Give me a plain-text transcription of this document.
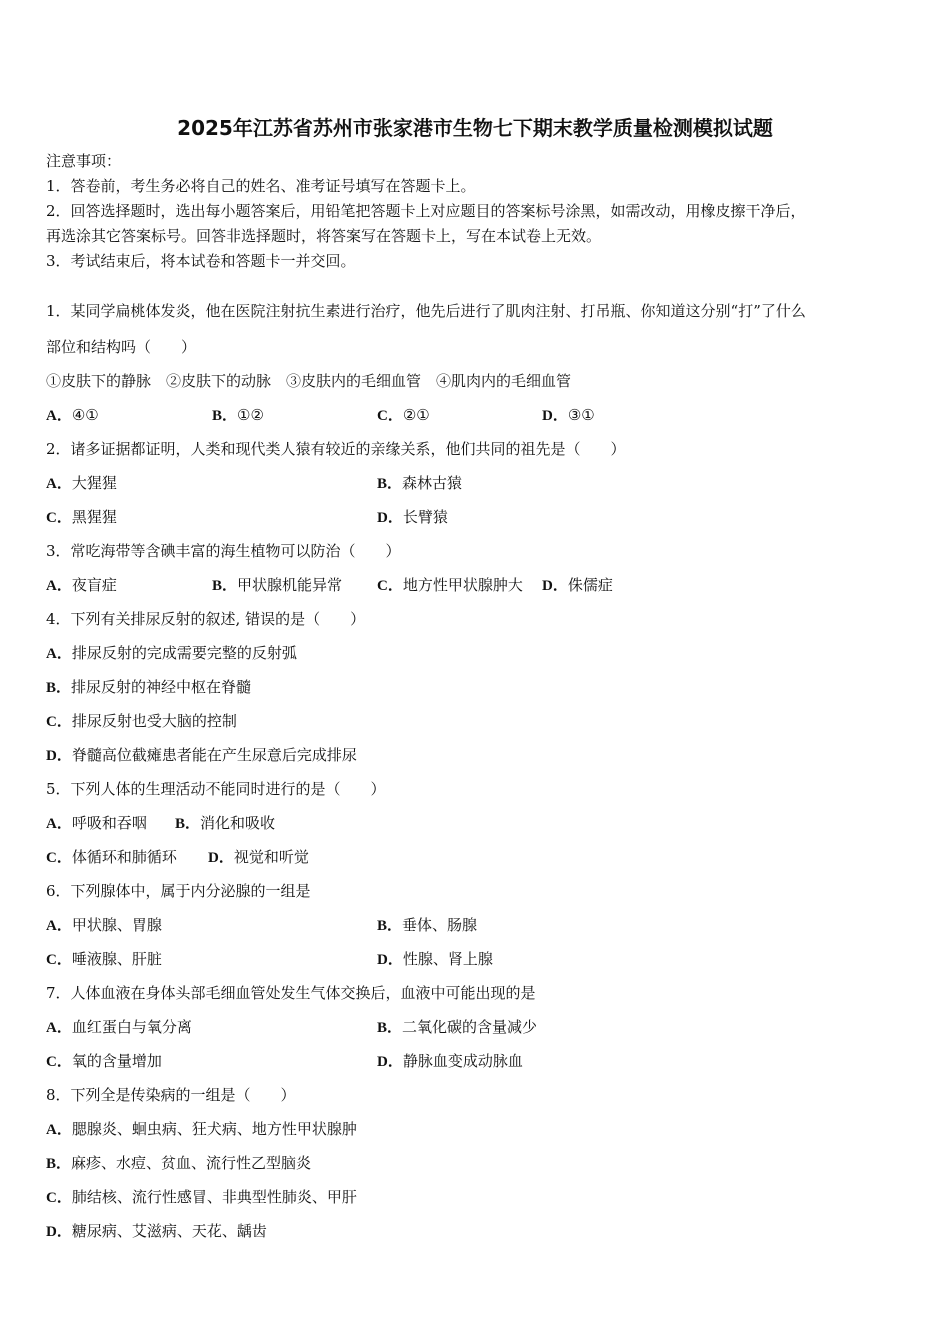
2025年江苏省苏州市张家港市生物七下期末教学质量检测模拟试题
注意事项：
1．答卷前，考生务必将自己的姓名、准考证号填写在答题卡上。
2．回答选择题时，选出每小题答案后，用铅笔把答题卡上对应题目的答案标号涂黑，如需改动，用橡皮擦干净后，
再选涂其它答案标号。回答非选择题时，将答案写在答题卡上，写在本试卷上无效。
3．考试结束后，将本试卷和答题卡一并交回。
1．某同学扁桃体发炎，他在医院注射抗生素进行治疗，他先后进行了肌肉注射、打吊瓶、你知道这分别“打”了什么
部位和结构吗（　　）
①皮肤下的静脉　②皮肤下的动脉　③皮肤内的毛细血管　④肌肉内的毛细血管
A．④①	B．①②	C．②①	D．③①
2．诸多证据都证明，人类和现代类人猿有较近的亲缘关系，他们共同的祖先是（　　）
A．大猩猩	B．森林古猿
C．黑猩猩	D．长臂猿
3．常吃海带等含碘丰富的海生植物可以防治（　　）
A．夜盲症	B．甲状腺机能异常 C．地方性甲状腺肿大 D．侏儒症
4．下列有关排尿反射的叙述, 错误的是（　　）
A．排尿反射的完成需要完整的反射弧
B．排尿反射的神经中枢在脊髓
C．排尿反射也受大脑的控制
D．脊髓高位截瘫患者能在产生尿意后完成排尿
5．下列人体的生理活动不能同时进行的是（　　）
A．呼吸和吞咽 B．消化和吸收
C．体循环和肺循环 D．视觉和听觉
6．下列腺体中，属于内分泌腺的一组是
A．甲状腺、胃腺	B．垂体、肠腺
C．唾液腺、肝脏	D．性腺、肾上腺
7．人体血液在身体头部毛细血管处发生气体交换后，血液中可能出现的是
A．血红蛋白与氧分离	B．二氧化碳的含量减少
C．氧的含量增加	D．静脉血变成动脉血
8．下列全是传染病的一组是（　　）
A．腮腺炎、蛔虫病、狂犬病、地方性甲状腺肿
B．麻疹、水痘、贫血、流行性乙型脑炎
C．肺结核、流行性感冒、非典型性肺炎、甲肝
D．糖尿病、艾滋病、天花、龋齿
